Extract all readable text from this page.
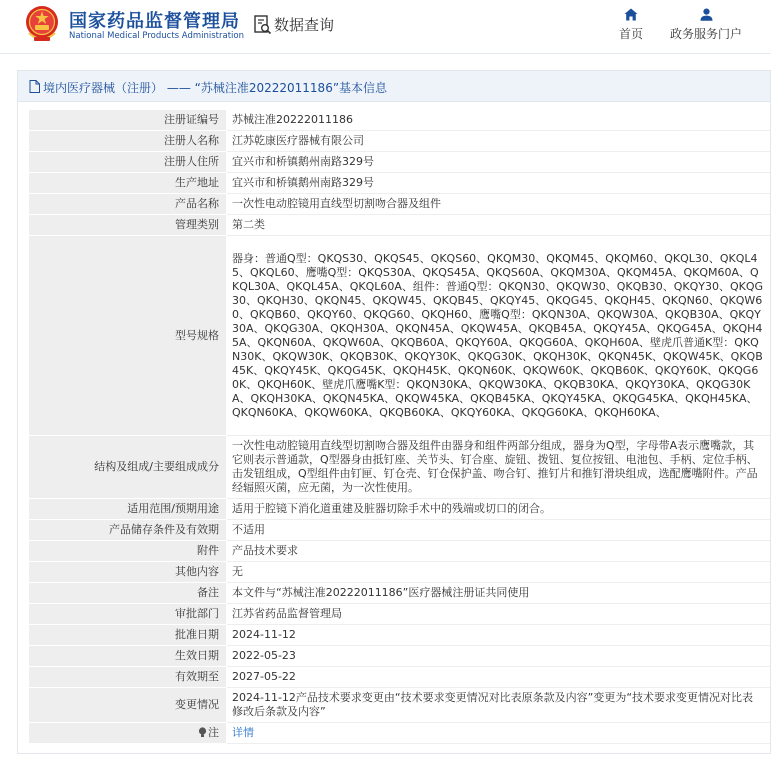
国家药品监督管理局
National Medical Products Administration
数据查询	首页	政务服务门户
境内医疗器械（注册） —— “苏械注准20222011186”基本信息
注册证编号	苏械注准20222011186
注册人名称	江苏乾康医疗器械有限公司
注册人住所	宜兴市和桥镇鹅州南路329号
生产地址	宜兴市和桥镇鹅州南路329号
产品名称	一次性电动腔镜用直线型切割吻合器及组件
管理类别	第二类
型号规格	器身：普通Q型：QKQS30、QKQS45、QKQS60、QKQM30、QKQM45、QKQM60、QKQL30、QKQL45、QKQL60、鹰嘴Q型：QKQS30A、QKQS45A、QKQS60A、QKQM30A、QKQM45A、QKQM60A、QKQL30A、QKQL45A、QKQL60A、组件：普通Q型：QKQN30、QKQW30、QKQB30、QKQY30、QKQG30、QKQH30、QKQN45、QKQW45、QKQB45、QKQY45、QKQG45、QKQH45、QKQN60、QKQW60、QKQB60、QKQY60、QKQG60、QKQH60、鹰嘴Q型：QKQN30A、QKQW30A、QKQB30A、QKQY30A、QKQG30A、QKQH30A、QKQN45A、QKQW45A、QKQB45A、QKQY45A、QKQG45A、QKQH45A、QKQN60A、QKQW60A、QKQB60A、QKQY60A、QKQG60A、QKQH60A、壁虎爪普通K型：QKQN30K、QKQW30K、QKQB30K、QKQY30K、QKQG30K、QKQH30K、QKQN45K、QKQW45K、QKQB45K、QKQY45K、QKQG45K、QKQH45K、QKQN60K、QKQW60K、QKQB60K、QKQY60K、QKQG60K、QKQH60K、壁虎爪鹰嘴K型：QKQN30KA、QKQW30KA、QKQB30KA、QKQY30KA、QKQG30KA、QKQH30KA、QKQN45KA、QKQW45KA、QKQB45KA、QKQY45KA、QKQG45KA、QKQH45KA、QKQN60KA、QKQW60KA、QKQB60KA、QKQY60KA、QKQG60KA、QKQH60KA、
结构及组成/主要组成成分	一次性电动腔镜用直线型切割吻合器及组件由器身和组件两部分组成，器身为Q型，字母带A表示鹰嘴款，其它则表示普通款，Q型器身由抵钉座、关节头、钉合座、旋钮、拨钮、复位按钮、电池包、手柄、定位手柄、击发钮组成，Q型组件由钉匣、钉仓壳、钉仓保护盖、吻合钉、推钉片和推钉滑块组成，选配鹰嘴附件。产品经辐照灭菌，应无菌，为一次性使用。
适用范围/预期用途	适用于腔镜下消化道重建及脏器切除手术中的残端或切口的闭合。
产品储存条件及有效期	不适用
附件	产品技术要求
其他内容	无
备注	本文件与“苏械注准20222011186”医疗器械注册证共同使用
审批部门	江苏省药品监督管理局
批准日期	2024-11-12
生效日期	2022-05-23
有效期至	2027-05-22
变更情况	2024-11-12产品技术要求变更由“技术要求变更情况对比表原条款及内容”变更为“技术要求变更情况对比表修改后条款及内容”
注	详情
